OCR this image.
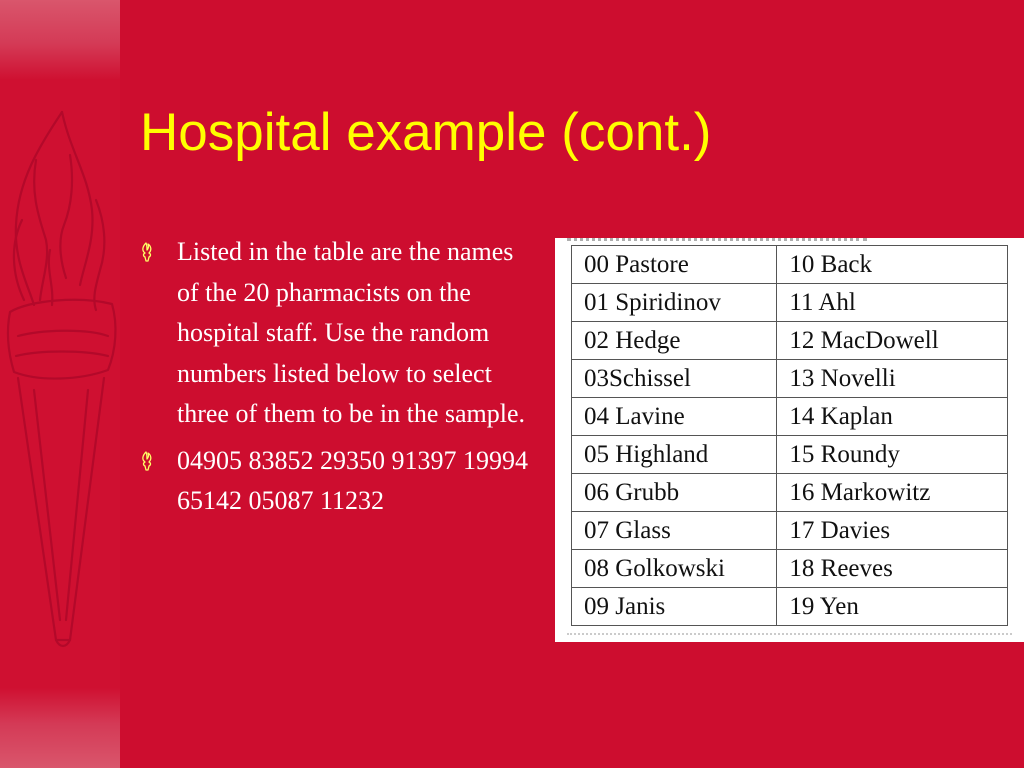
Hospital example (cont.)
Listed in the table are the names of the 20 pharmacists on the hospital staff. Use the random numbers listed below to select three of them to be in the sample.
04905 83852 29350 91397 19994 65142 05087 11232
00 Pastore	10 Back
01 Spiridinov	11 Ahl
02 Hedge	12 MacDowell
03Schissel	13 Novelli
04 Lavine	14 Kaplan
05 Highland	15 Roundy
06 Grubb	16 Markowitz
07 Glass	17 Davies
08 Golkowski	18 Reeves
09 Janis	19 Yen
